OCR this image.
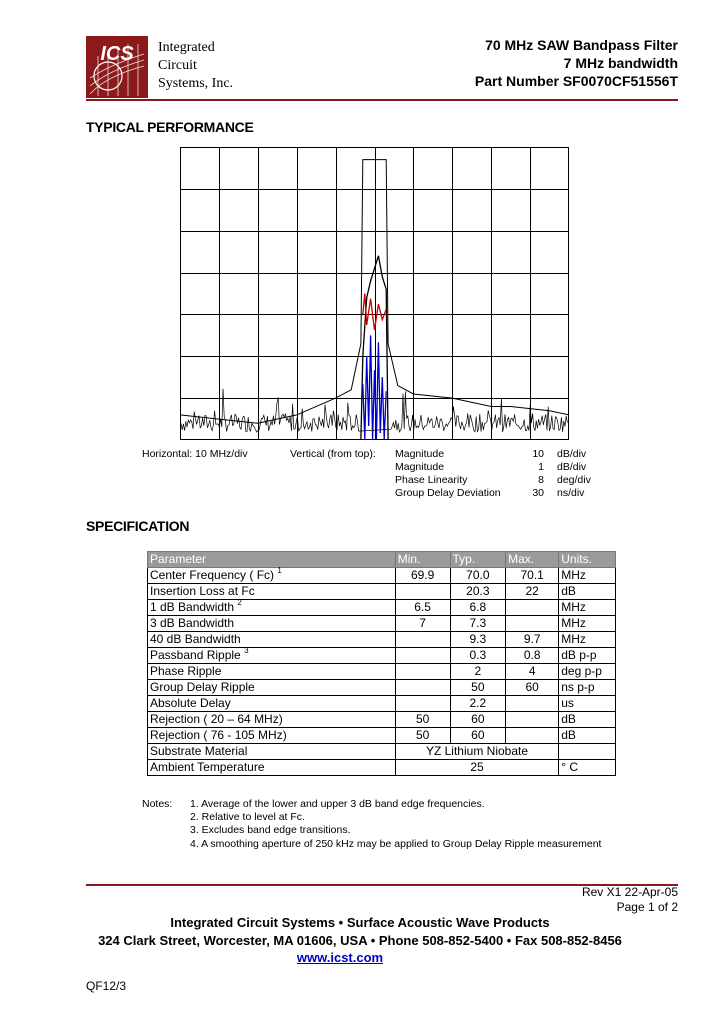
ICS Integrated
Circuit
Systems, Inc.
70 MHz SAW Bandpass Filter
7 MHz bandwidth
Part Number SF0070CF51556T
TYPICAL PERFORMANCE
Horizontal: 10 MHz/div	Vertical (from top): Magnitude	10 dB/div
Magnitude	1 dB/div
Phase Linearity	8 deg/div
Group Delay Deviation	30 ns/div
SPECIFICATION
Parameter	Min.	Typ.	Max.	Units.
Center Frequency ( Fc) $^1$	69.9	70.0	70.1	MHz
Insertion Loss at Fc		20.3	22	dB
1 dB Bandwidth $^2$	6.5	6.8		MHz
3 dB Bandwidth	7	7.3		MHz
40 dB Bandwidth		9.3	9.7	MHz
Passband Ripple $^3$		0.3	0.8	dB p-p
Phase Ripple		2	4	deg p-p
Group Delay Ripple		50	60	ns p-p
Absolute Delay		2.2		us
Rejection ( 20 – 64 MHz)	50	60		dB
Rejection ( 76 - 105 MHz)	50	60		dB
Substrate Material	YZ Lithium Niobate			
Ambient Temperature	25			° C
Notes: 1. Average of the lower and upper 3 dB band edge frequencies.
2. Relative to level at Fc.
3. Excludes band edge transitions.
4. A smoothing aperture of 250 kHz may be applied to Group Delay Ripple measurement
Rev X1 22-Apr-05
Page 1 of 2
Integrated Circuit Systems • Surface Acoustic Wave Products
324 Clark Street, Worcester, MA 01606, USA • Phone 508-852-5400 • Fax 508-852-8456
www.icst.com
QF12/3
